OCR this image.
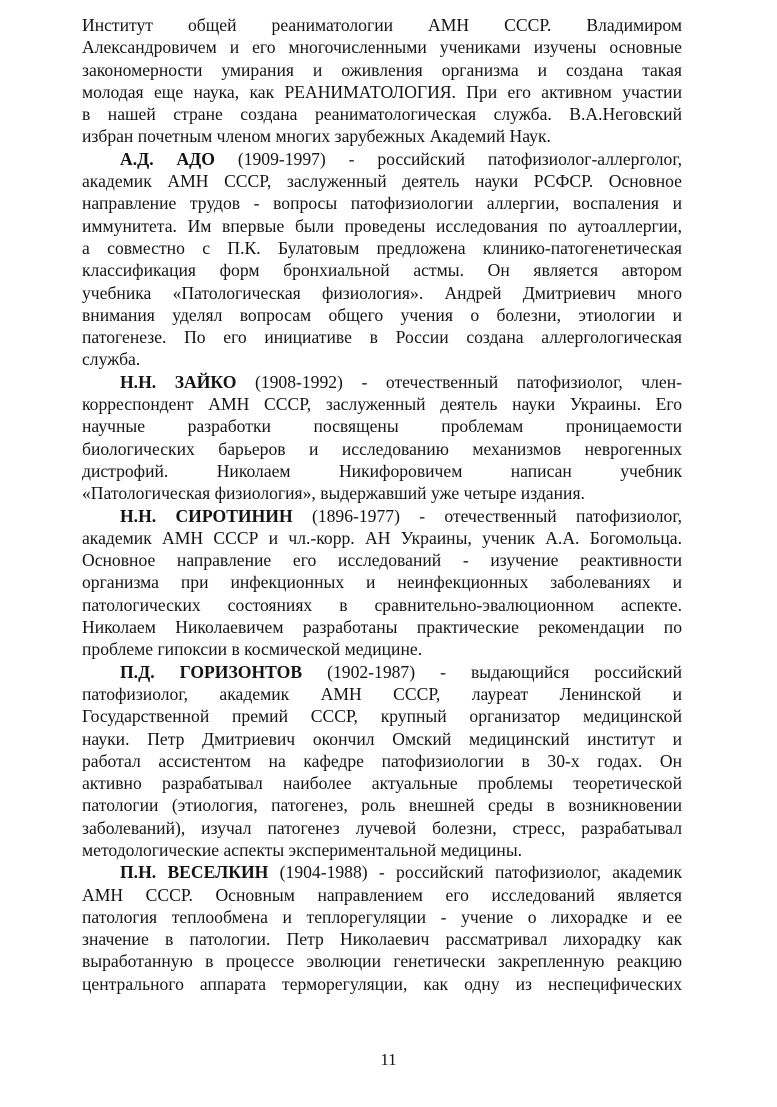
Институт общей реаниматологии АМН СССР. Владимиром
Александровичем и его многочисленными учениками изучены основные
закономерности умирания и оживления организма и создана такая
молодая еще наука, как РЕАНИМАТОЛОГИЯ. При его активном участии
в нашей стране создана реаниматологическая служба. В.А.Неговский
избран почетным членом многих зарубежных Академий Наук.
А.Д. АДО (1909-1997) - российский патофизиолог-аллерголог,
академик АМН СССР, заслуженный деятель науки РСФСР. Основное
направление трудов - вопросы патофизиологии аллергии, воспаления и
иммунитета. Им впервые были проведены исследования по аутоаллергии,
а совместно с П.К. Булатовым предложена клинико-патогенетическая
классификация форм бронхиальной астмы. Он является автором
учебника «Патологическая физиология». Андрей Дмитриевич много
внимания уделял вопросам общего учения о болезни, этиологии и
патогенезе. По его инициативе в России создана аллергологическая
служба.
Н.Н. ЗАЙКО (1908-1992) - отечественный патофизиолог, член-
корреспондент АМН СССР, заслуженный деятель науки Украины. Его
научные разработки посвящены проблемам проницаемости
биологических барьеров и исследованию механизмов неврогенных
дистрофий. Николаем Никифоровичем написан учебник
«Патологическая физиология», выдержавший уже четыре издания.
Н.Н. СИРОТИНИН (1896-1977) - отечественный патофизиолог,
академик АМН СССР и чл.-корр. АН Украины, ученик А.А. Богомольца.
Основное направление его исследований - изучение реактивности
организма при инфекционных и неинфекционных заболеваниях и
патологических состояниях в сравнительно-эвалюционном аспекте.
Николаем Николаевичем разработаны практические рекомендации по
проблеме гипоксии в космической медицине.
П.Д. ГОРИЗОНТОВ (1902-1987) - выдающийся российский
патофизиолог, академик АМН СССР, лауреат Ленинской и
Государственной премий СССР, крупный организатор медицинской
науки. Петр Дмитриевич окончил Омский медицинский институт и
работал ассистентом на кафедре патофизиологии в 30-х годах. Он
активно разрабатывал наиболее актуальные проблемы теоретической
патологии (этиология, патогенез, роль внешней среды в возникновении
заболеваний), изучал патогенез лучевой болезни, стресс, разрабатывал
методологические аспекты экспериментальной медицины.
П.Н. ВЕСЕЛКИН (1904-1988) - российский патофизиолог, академик
АМН СССР. Основным направлением его исследований является
патология теплообмена и теплорегуляции - учение о лихорадке и ее
значение в патологии. Петр Николаевич рассматривал лихорадку как
выработанную в процессе эволюции генетически закрепленную реакцию
центрального аппарата терморегуляции, как одну из неспецифических
11
